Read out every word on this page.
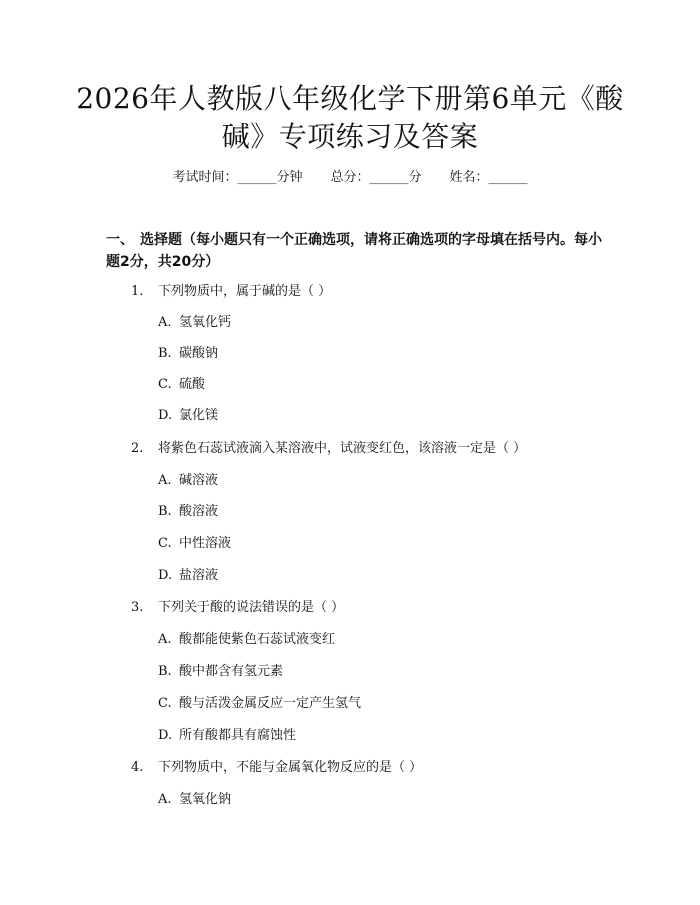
2026年人教版八年级化学下册第6单元《酸
碱》专项练习及答案
考试时间：______分钟 总分：______分 姓名：______
一、 选择题（每小题只有一个正确选项，请将正确选项的字母填在括号内。每小题2分，共20分）
1. 下列物质中，属于碱的是（ ）
A. 氢氧化钙
B. 碳酸钠
C. 硫酸
D. 氯化镁
2. 将紫色石蕊试液滴入某溶液中，试液变红色，该溶液一定是（ ）
A. 碱溶液
B. 酸溶液
C. 中性溶液
D. 盐溶液
3. 下列关于酸的说法错误的是（ ）
A. 酸都能使紫色石蕊试液变红
B. 酸中都含有氢元素
C. 酸与活泼金属反应一定产生氢气
D. 所有酸都具有腐蚀性
4. 下列物质中，不能与金属氧化物反应的是（ ）
A. 氢氧化钠
